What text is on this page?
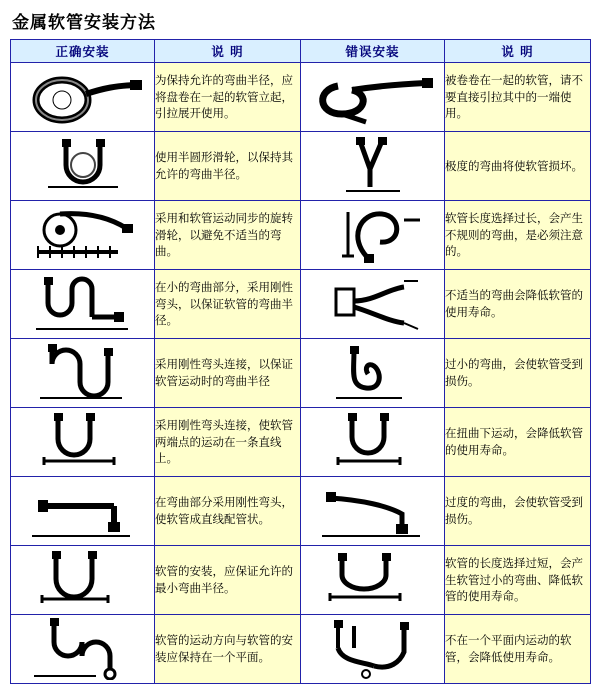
金属软管安装方法
正确安装	说 明	错误安装	说 明

	为保持允许的弯曲半径，应将盘卷在一起的软管立起，引拉展开使用。		被卷卷在一起的软管，请不要直接引拉其中的一端使用。

	使用半圆形滑轮，以保持其允许的弯曲半径。		极度的弯曲将使软管损坏。

	采用和软管运动同步的旋转滑轮，以避免不适当的弯曲。		软管长度选择过长，会产生不规则的弯曲，是必须注意的。

	在小的弯曲部分，采用刚性弯头，以保证软管的弯曲半径。		不适当的弯曲会降低软管的使用寿命。

	采用刚性弯头连接，以保证软管运动时的弯曲半径		过小的弯曲，会使软管受到损伤。

	采用刚性弯头连接，使软管两端点的运动在一条直线上。		在扭曲下运动，会降低软管的使用寿命。

	在弯曲部分采用刚性弯头，使软管成直线配管状。		过度的弯曲，会使软管受到损伤。

	软管的安装，应保证允许的最小弯曲半径。		软管的长度选择过短，会产生软管过小的弯曲、降低软管的使用寿命。

	软管的运动方向与软管的安装应保持在一个平面。		不在一个平面内运动的软管，会降低使用寿命。
